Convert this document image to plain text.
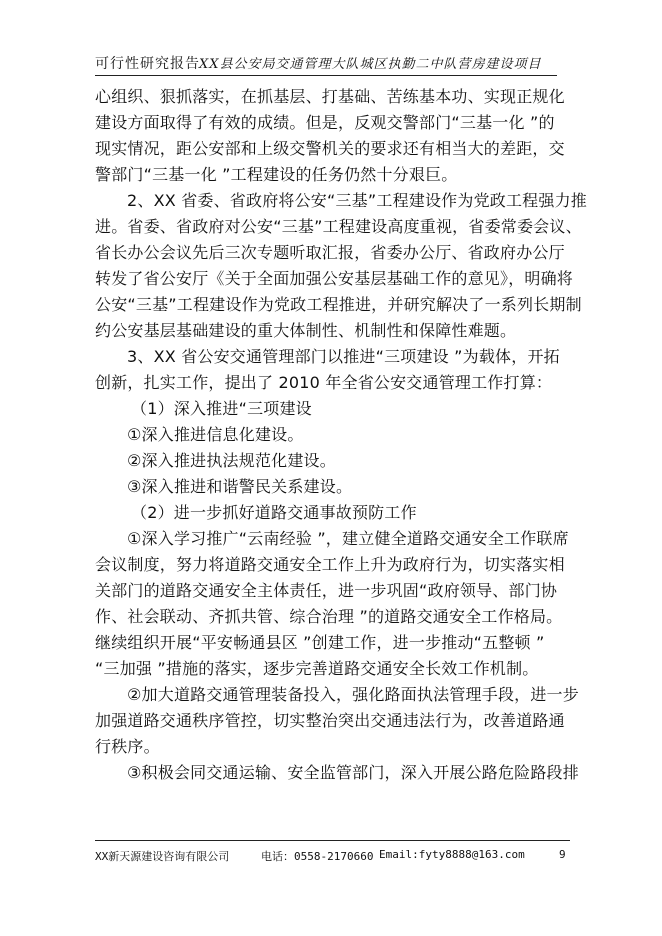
可行性研究报告 XX县公安局交通管理大队城区执勤二中队营房建设项目
心组织、狠抓落实，在抓基层、打基础、苦练基本功、实现正规化
建设方面取得了有效的成绩。但是，反观交警部门“三基一化 ”的
现实情况，距公安部和上级交警机关的要求还有相当大的差距，交
警部门“三基一化 ”工程建设的任务仍然十分艰巨。
2、XX 省委、省政府将公安“三基”工程建设作为党政工程强力推
进。省委、省政府对公安“三基”工程建设高度重视，省委常委会议、
省长办公会议先后三次专题听取汇报，省委办公厅、省政府办公厅
转发了省公安厅《关于全面加强公安基层基础工作的意见》，明确将
公安“三基”工程建设作为党政工程推进，并研究解决了一系列长期制
约公安基层基础建设的重大体制性、机制性和保障性难题。
3、XX 省公安交通管理部门以推进“三项建设 ”为载体，开拓
创新，扎实工作，提出了 2010 年全省公安交通管理工作打算：
（1）深入推进“三项建设
①深入推进信息化建设。
②深入推进执法规范化建设。
③深入推进和谐警民关系建设。
（2）进一步抓好道路交通事故预防工作
①深入学习推广“云南经验 ”，建立健全道路交通安全工作联席
会议制度，努力将道路交通安全工作上升为政府行为，切实落实相
关部门的道路交通安全主体责任，进一步巩固“政府领导、部门协
作、社会联动、齐抓共管、综合治理 ”的道路交通安全工作格局。
继续组织开展“平安畅通县区 ”创建工作，进一步推动“五整顿 ”
“三加强 ”措施的落实，逐步完善道路交通安全长效工作机制。
②加大道路交通管理装备投入，强化路面执法管理手段，进一步
加强道路交通秩序管控，切实整治突出交通违法行为，改善道路通
行秩序。
③积极会同交通运输、安全监管部门，深入开展公路危险路段排
XX新天源建设咨询有限公司	电话：0558-2170660 Email:fyty8888@163.com	9
